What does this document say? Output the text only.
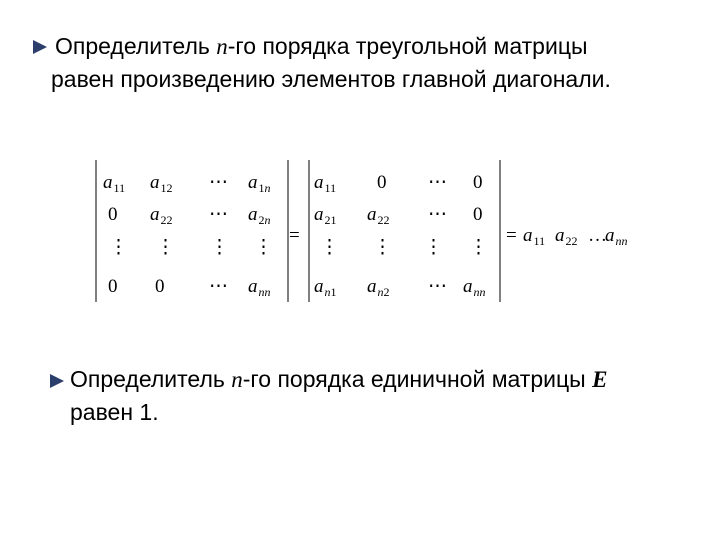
Определитель n-го порядка треугольной матрицы
равен произведению элементов главной диагонали.
a11 a12 ⋯ a1n
0 a22 ⋯ a2n
⋮ ⋮ ⋮ ⋮
0 0 ⋯ ann
=
a11 0 ⋯ 0
a21 a22 ⋯ 0
⋮ ⋮ ⋮ ⋮
an1 an2 ⋯ ann
= a11 a22 …
ann
Определитель n-го порядка единичной матрицы E
равен 1.
